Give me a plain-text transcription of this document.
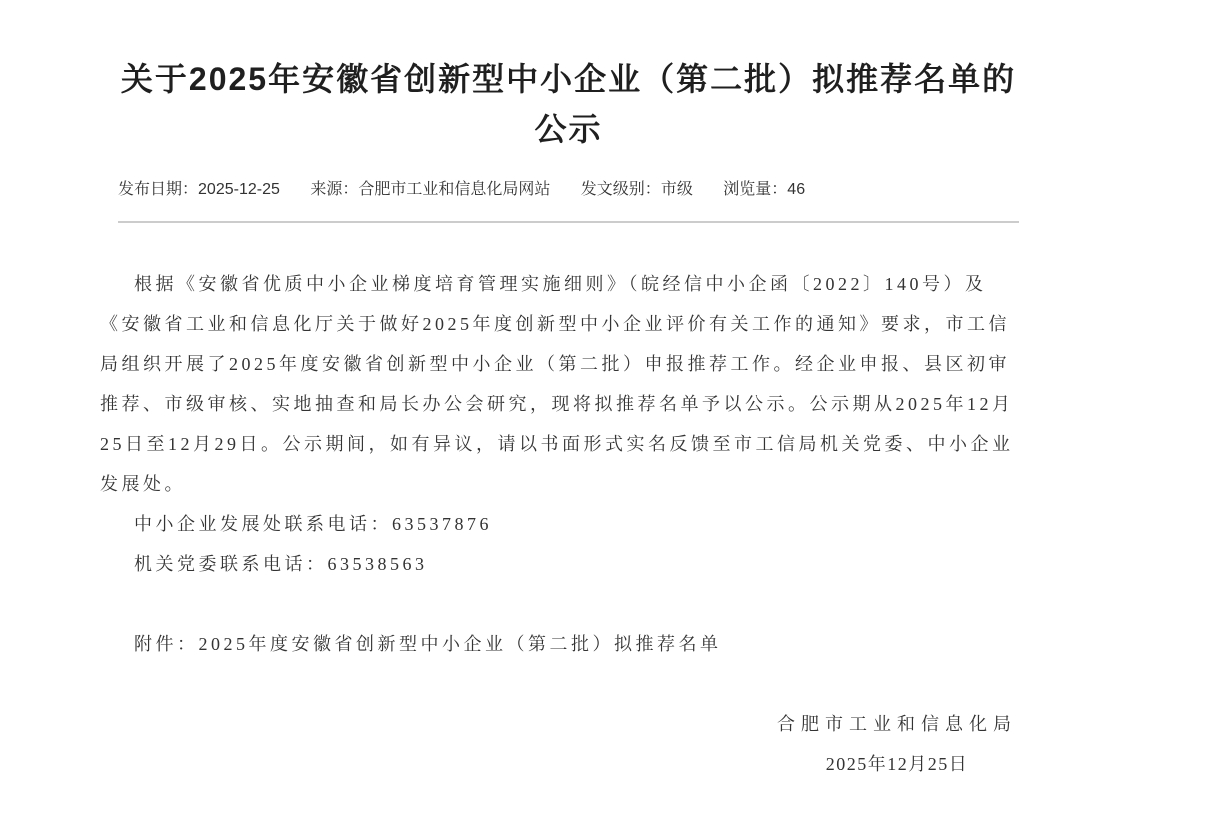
关于2025年安徽省创新型中小企业（第二批）拟推荐名单的
公示
发布日期：2025-12-25 来源：合肥市工业和信息化局网站 发文级别：市级 浏览量：46
根据《安徽省优质中小企业梯度培育管理实施细则》（皖经信中小企函〔2022〕140号）及
《安徽省工业和信息化厅关于做好2025年度创新型中小企业评价有关工作的通知》要求，市工信
局组织开展了2025年度安徽省创新型中小企业（第二批）申报推荐工作。经企业申报、县区初审
推荐、市级审核、实地抽查和局长办公会研究，现将拟推荐名单予以公示。公示期从2025年12月
25日至12月29日。公示期间，如有异议，请以书面形式实名反馈至市工信局机关党委、中小企业
发展处。
中小企业发展处联系电话：63537876
机关党委联系电话：63538563
附件：2025年度安徽省创新型中小企业（第二批）拟推荐名单
合肥市工业和信息化局
2025年12月25日
